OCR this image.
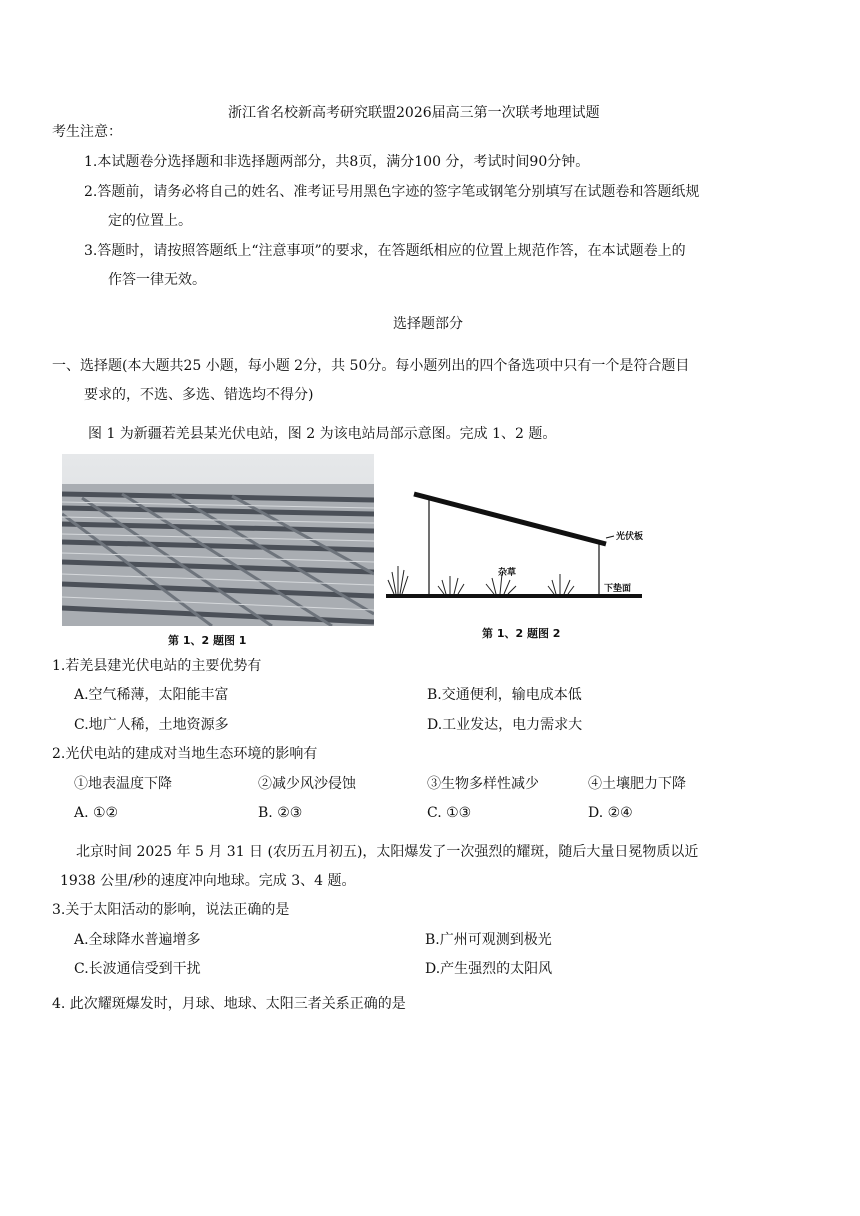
浙江省名校新高考研究联盟2026届高三第一次联考地理试题
考生注意：
1.本试题卷分选择题和非选择题两部分，共8页，满分100 分，考试时间90分钟。
2.答题前，请务必将自己的姓名、准考证号用黑色字迹的签字笔或钢笔分别填写在试题卷和答题纸规
定的位置上。
3.答题时，请按照答题纸上“注意事项”的要求，在答题纸相应的位置上规范作答，在本试题卷上的
作答一律无效。
选择题部分
一、选择题(本大题共25 小题，每小题 2分，共 50分。每小题列出的四个备选项中只有一个是符合题目
要求的，不选、多选、错选均不得分)
图 1 为新疆若羌县某光伏电站，图 2 为该电站局部示意图。完成 1、2 题。
第 1、2 题图 1
光伏板
杂草
下垫面
第 1、2 题图 2
1.若羌县建光伏电站的主要优势有
A.空气稀薄，太阳能丰富	B.交通便利，输电成本低
C.地广人稀，土地资源多	D.工业发达，电力需求大
2.光伏电站的建成对当地生态环境的影响有
①地表温度下降	②减少风沙侵蚀	③生物多样性减少	④土壤肥力下降
A. ①②	B. ②③	C. ①③	D. ②④
北京时间 2025 年 5 月 31 日 (农历五月初五)，太阳爆发了一次强烈的耀斑，随后大量日冕物质以近
1938 公里/秒的速度冲向地球。完成 3、4 题。
3.关于太阳活动的影响，说法正确的是
A.全球降水普遍增多	B.广州可观测到极光
C.长波通信受到干扰	D.产生强烈的太阳风
4. 此次耀斑爆发时，月球、地球、太阳三者关系正确的是
